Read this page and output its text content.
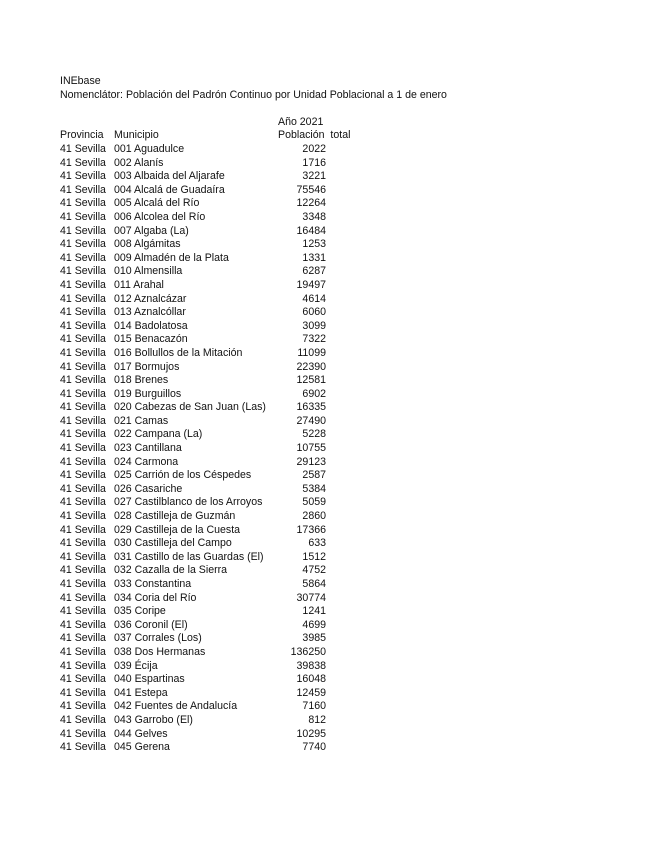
INEbase
Nomenclátor: Población del Padrón Continuo por Unidad Poblacional a 1 de enero
Año 2021
Provincia Municipio	Población  total
41 Sevilla 001 Aguadulce	2022
41 Sevilla 002 Alanís	1716
41 Sevilla 003 Albaida del Aljarafe	3221
41 Sevilla 004 Alcalá de Guadaíra	75546
41 Sevilla 005 Alcalá del Río	12264
41 Sevilla 006 Alcolea del Río	3348
41 Sevilla 007 Algaba (La)	16484
41 Sevilla 008 Algámitas	1253
41 Sevilla 009 Almadén de la Plata	1331
41 Sevilla 010 Almensilla	6287
41 Sevilla 011 Arahal	19497
41 Sevilla 012 Aznalcázar	4614
41 Sevilla 013 Aznalcóllar	6060
41 Sevilla 014 Badolatosa	3099
41 Sevilla 015 Benacazón	7322
41 Sevilla 016 Bollullos de la Mitación	11099
41 Sevilla 017 Bormujos	22390
41 Sevilla 018 Brenes	12581
41 Sevilla 019 Burguillos	6902
41 Sevilla 020 Cabezas de San Juan (Las)	16335
41 Sevilla 021 Camas	27490
41 Sevilla 022 Campana (La)	5228
41 Sevilla 023 Cantillana	10755
41 Sevilla 024 Carmona	29123
41 Sevilla 025 Carrión de los Céspedes	2587
41 Sevilla 026 Casariche	5384
41 Sevilla 027 Castilblanco de los Arroyos	5059
41 Sevilla 028 Castilleja de Guzmán	2860
41 Sevilla 029 Castilleja de la Cuesta	17366
41 Sevilla 030 Castilleja del Campo	633
41 Sevilla 031 Castillo de las Guardas (El)	1512
41 Sevilla 032 Cazalla de la Sierra	4752
41 Sevilla 033 Constantina	5864
41 Sevilla 034 Coria del Río	30774
41 Sevilla 035 Coripe	1241
41 Sevilla 036 Coronil (El)	4699
41 Sevilla 037 Corrales (Los)	3985
41 Sevilla 038 Dos Hermanas	136250
41 Sevilla 039 Écija	39838
41 Sevilla 040 Espartinas	16048
41 Sevilla 041 Estepa	12459
41 Sevilla 042 Fuentes de Andalucía	7160
41 Sevilla 043 Garrobo (El)	812
41 Sevilla 044 Gelves	10295
41 Sevilla 045 Gerena	7740
